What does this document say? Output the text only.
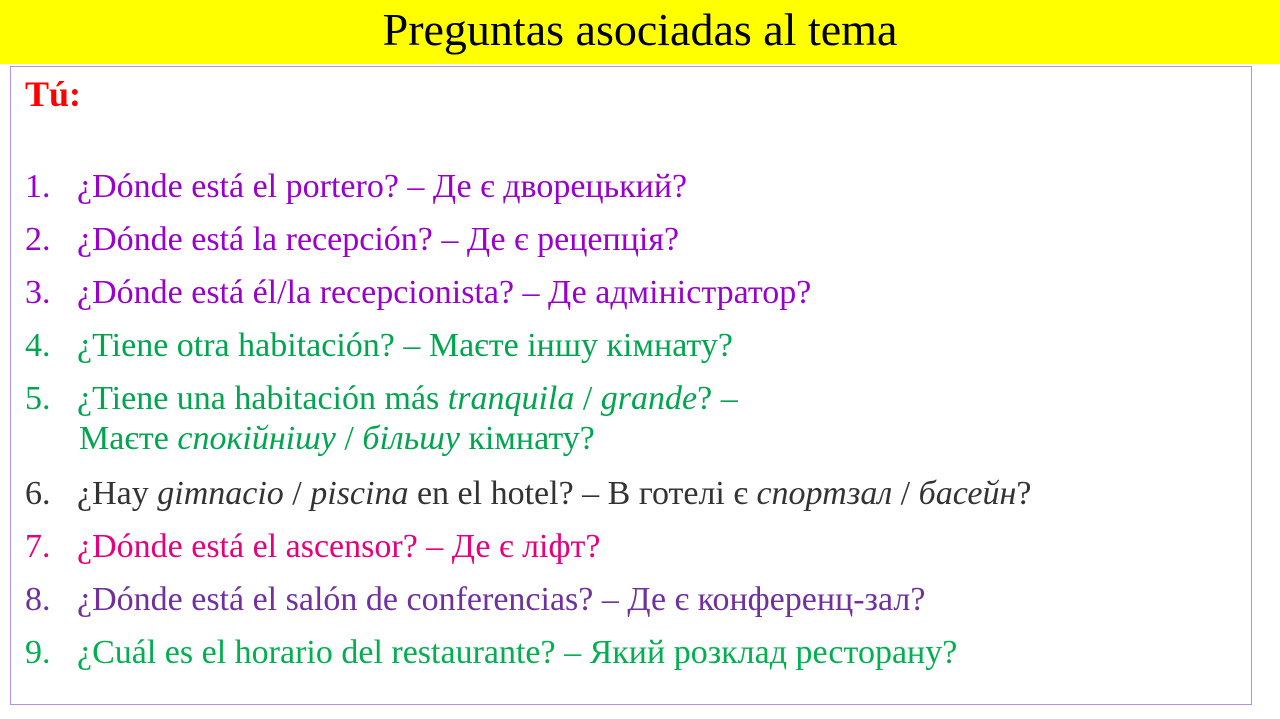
Preguntas asociadas al tema
Tú:
1. ¿Dónde está el portero? – Де є дворецький?
2. ¿Dónde está la recepción? – Де є рецепція?
3. ¿Dónde está él/la recepcionista? – Де адміністратор?
4. ¿Tiene otra habitación? – Маєте іншу кімнату?
5. ¿Tiene una habitación más tranquila / grande? –
Маєте спокійнішу / більшу кімнату?
6. ¿Hay gimnacio / piscina en el hotel? – В готелі є спортзал / басейн?
7. ¿Dónde está el ascensor? – Де є ліфт?
8. ¿Dónde está el salón de conferencias? – Де є конференц-зал?
9. ¿Cuál es el horario del restaurante? – Який розклад ресторану?
